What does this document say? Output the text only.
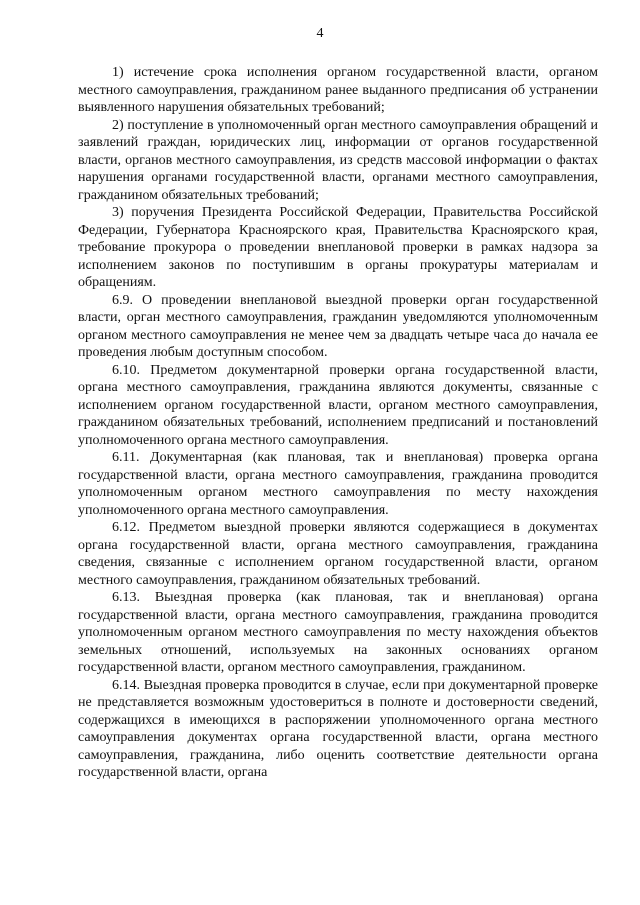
4

1) истечение срока исполнения органом государственной власти, органом местного самоуправления, гражданином ранее выданного предписания об устранении выявленного нарушения обязательных требований;

2) поступление в уполномоченный орган местного самоуправления обращений и заявлений граждан, юридических лиц, информации от органов государственной власти, органов местного самоуправления, из средств массовой информации о фактах нарушения органами государственной власти, органами местного самоуправления, гражданином обязательных требований;

3) поручения Президента Российской Федерации, Правительства Российской Федерации, Губернатора Красноярского края, Правительства Красноярского края, требование прокурора о проведении внеплановой проверки в рамках надзора за исполнением законов по поступившим в органы прокуратуры материалам и обращениям.

6.9. О проведении внеплановой выездной проверки орган государственной власти, орган местного самоуправления, гражданин уведомляются уполномоченным органом местного самоуправления не менее чем за двадцать четыре часа до начала ее проведения любым доступным способом.

6.10. Предметом документарной проверки органа государственной власти, органа местного самоуправления, гражданина являются документы, связанные с исполнением органом государственной власти, органом местного самоуправления, гражданином обязательных требований, исполнением предписаний и постановлений уполномоченного органа местного самоуправления.

6.11. Документарная (как плановая, так и внеплановая) проверка органа государственной власти, органа местного самоуправления, гражданина проводится уполномоченным органом местного самоуправления по месту нахождения уполномоченного органа местного самоуправления.

6.12. Предметом выездной проверки являются содержащиеся в документах органа государственной власти, органа местного самоуправления, гражданина сведения, связанные с исполнением органом государственной власти, органом местного самоуправления, гражданином обязательных требований.

6.13. Выездная проверка (как плановая, так и внеплановая) органа государственной власти, органа местного самоуправления, гражданина проводится уполномоченным органом местного самоуправления по месту нахождения объектов земельных отношений, используемых на законных основаниях органом государственной власти, органом местного самоуправления, гражданином.

6.14. Выездная проверка проводится в случае, если при документарной проверке не представляется возможным удостовериться в полноте и достоверности сведений, содержащихся в имеющихся в распоряжении уполномоченного органа местного самоуправления документах органа государственной власти, органа местного самоуправления, гражданина, либо оценить соответствие деятельности органа государственной власти, органа
